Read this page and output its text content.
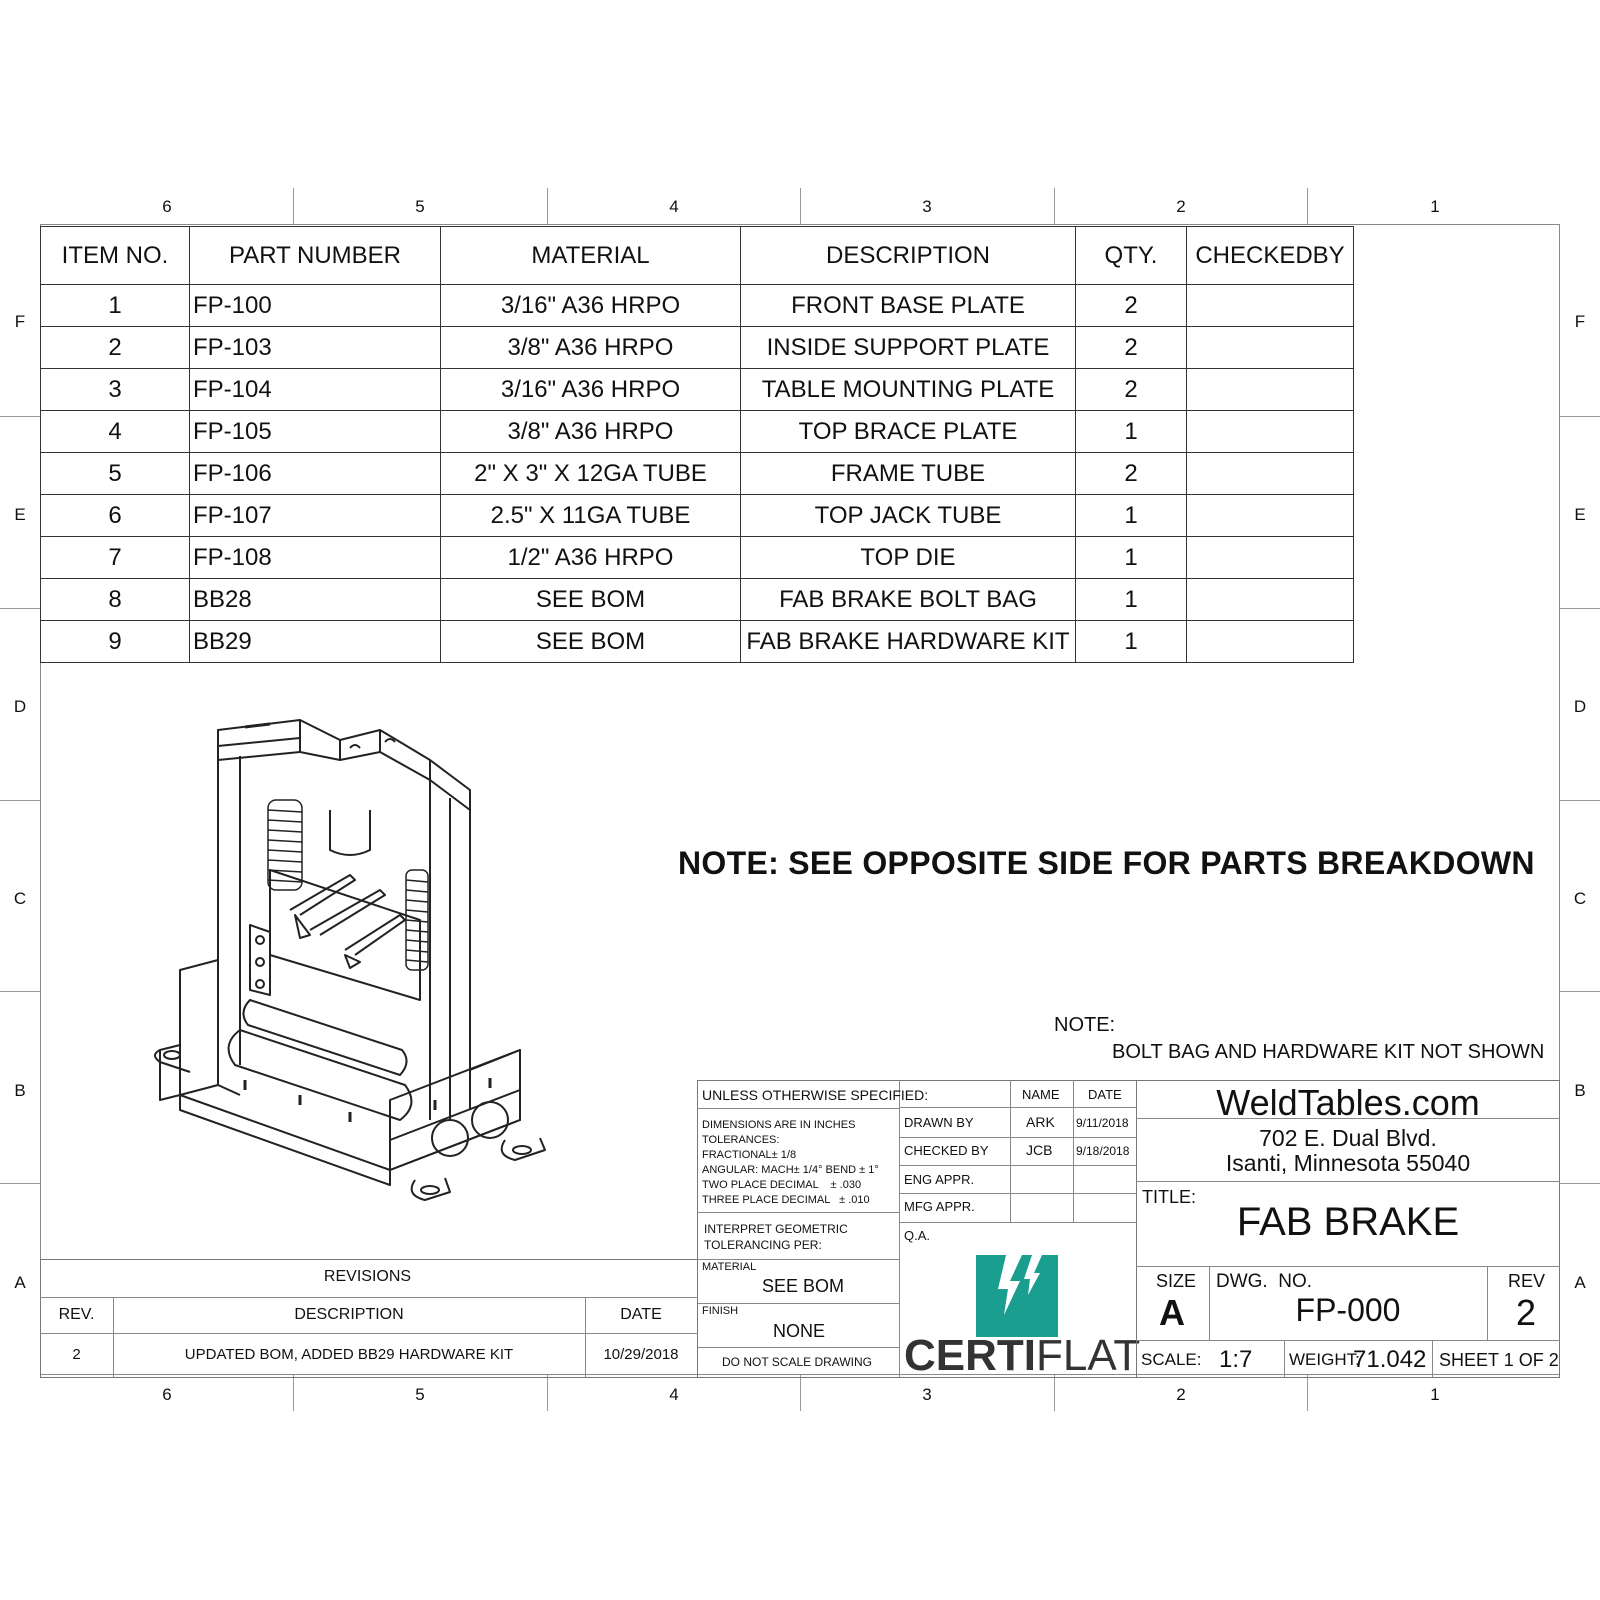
6	5	4	3	2	1
6	5	4	3	2	1
F
E
D
C
B
A
F
E
D
C
B
A
ITEM NO.	PART NUMBER	MATERIAL	DESCRIPTION	QTY.	CHECKEDBY
1	FP-100	3/16" A36 HRPO	FRONT BASE PLATE	2	
2	FP-103	3/8" A36 HRPO	INSIDE SUPPORT PLATE	2	
3	FP-104	3/16" A36 HRPO	TABLE MOUNTING PLATE	2	
4	FP-105	3/8" A36 HRPO	TOP BRACE PLATE	1	
5	FP-106	2" X 3" X 12GA TUBE	FRAME TUBE	2	
6	FP-107	2.5" X 11GA TUBE	TOP JACK TUBE	1	
7	FP-108	1/2" A36 HRPO	TOP DIE	1	
8	BB28	SEE BOM	FAB BRAKE BOLT BAG	1	
9	BB29	SEE BOM	FAB BRAKE HARDWARE KIT	1	
NOTE: SEE OPPOSITE SIDE FOR PARTS BREAKDOWN
NOTE:
BOLT BAG AND HARDWARE KIT NOT SHOWN
UNLESS OTHERWISE SPECIFIED:	NAME DATE
DRAWN BY	ARK 9/11/2018
CHECKED BY	JCB 9/18/2018
ENG APPR.
MFG APPR.
Q.A.
DIMENSIONS ARE IN INCHES
TOLERANCES:
FRACTIONAL± 1/8
ANGULAR: MACH± 1/4° BEND ± 1°
TWO PLACE DECIMAL    ± .030
THREE PLACE DECIMAL   ± .010
INTERPRET GEOMETRIC
TOLERANCING PER:
MATERIAL
SEE BOM
FINISH
NONE
DO NOT SCALE DRAWING CERTIFLAT
WeldTables.com
702 E. Dual Blvd.
Isanti, Minnesota 55040
TITLE:
FAB BRAKE
SIZE
A
DWG.  NO.
FP-000
REV
2
SCALE: 1:7 WEIGHT:
71.042 SHEET 1 OF 2
REVISIONS
REV.	DESCRIPTION	DATE
2	UPDATED BOM, ADDED BB29 HARDWARE KIT	10/29/2018
